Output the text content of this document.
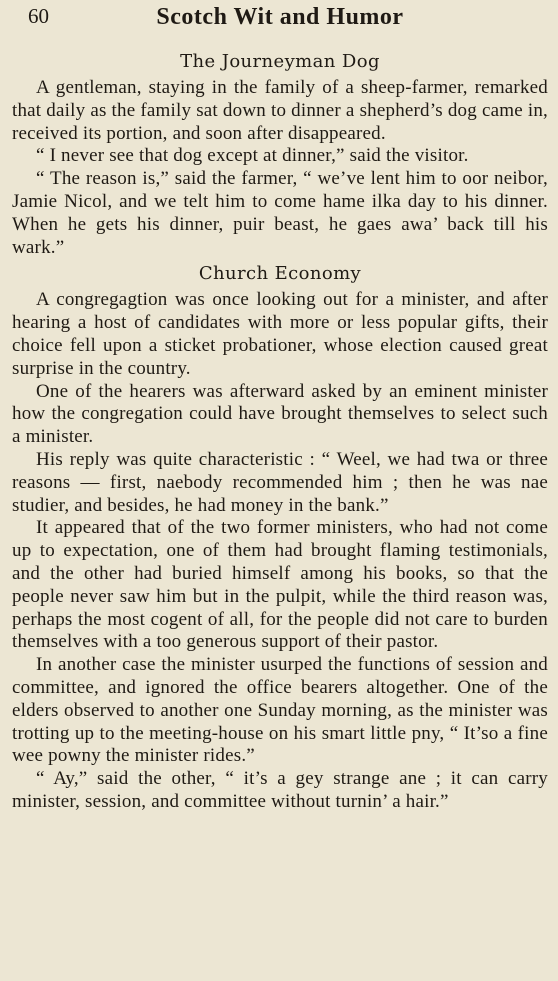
60	Scotch Wit and Humor
The Journeyman Dog

A gentleman, staying in the family of a sheep-farmer, remarked that daily as the family sat down to dinner a shepherd’s dog came in, received its portion, and soon after disappeared.

“ I never see that dog except at dinner,” said the visitor.

“ The reason is,” said the farmer, “ we’ve lent him to oor neibor, Jamie Nicol, and we telt him to come hame ilka day to his dinner. When he gets his dinner, puir beast, he gaes awa’ back till his wark.”

Church Economy

A congregagtion was once looking out for a minister, and after hearing a host of candidates with more or less popular gifts, their choice fell upon a sticket probationer, whose election caused great surprise in the country.

One of the hearers was afterward asked by an eminent minister how the congregation could have brought themselves to select such a minister.

His reply was quite characteristic : “ Weel, we had twa or three reasons — first, naebody recommended him ; then he was nae studier, and besides, he had money in the bank.”

It appeared that of the two former ministers, who had not come up to expectation, one of them had brought flaming testimonials, and the other had buried himself among his books, so that the people never saw him but in the pulpit, while the third reason was, perhaps the most cogent of all, for the people did not care to burden themselves with a too generous support of their pastor.

In another case the minister usurped the functions of session and committee, and ignored the office bearers altogether. One of the elders observed to another one Sunday morning, as the minister was trotting up to the meeting-house on his smart little pny, “ It’so a fine wee powny the minister rides.”

“ Ay,” said the other, “ it’s a gey strange ane ; it can carry minister, session, and committee without turnin’ a hair.”
